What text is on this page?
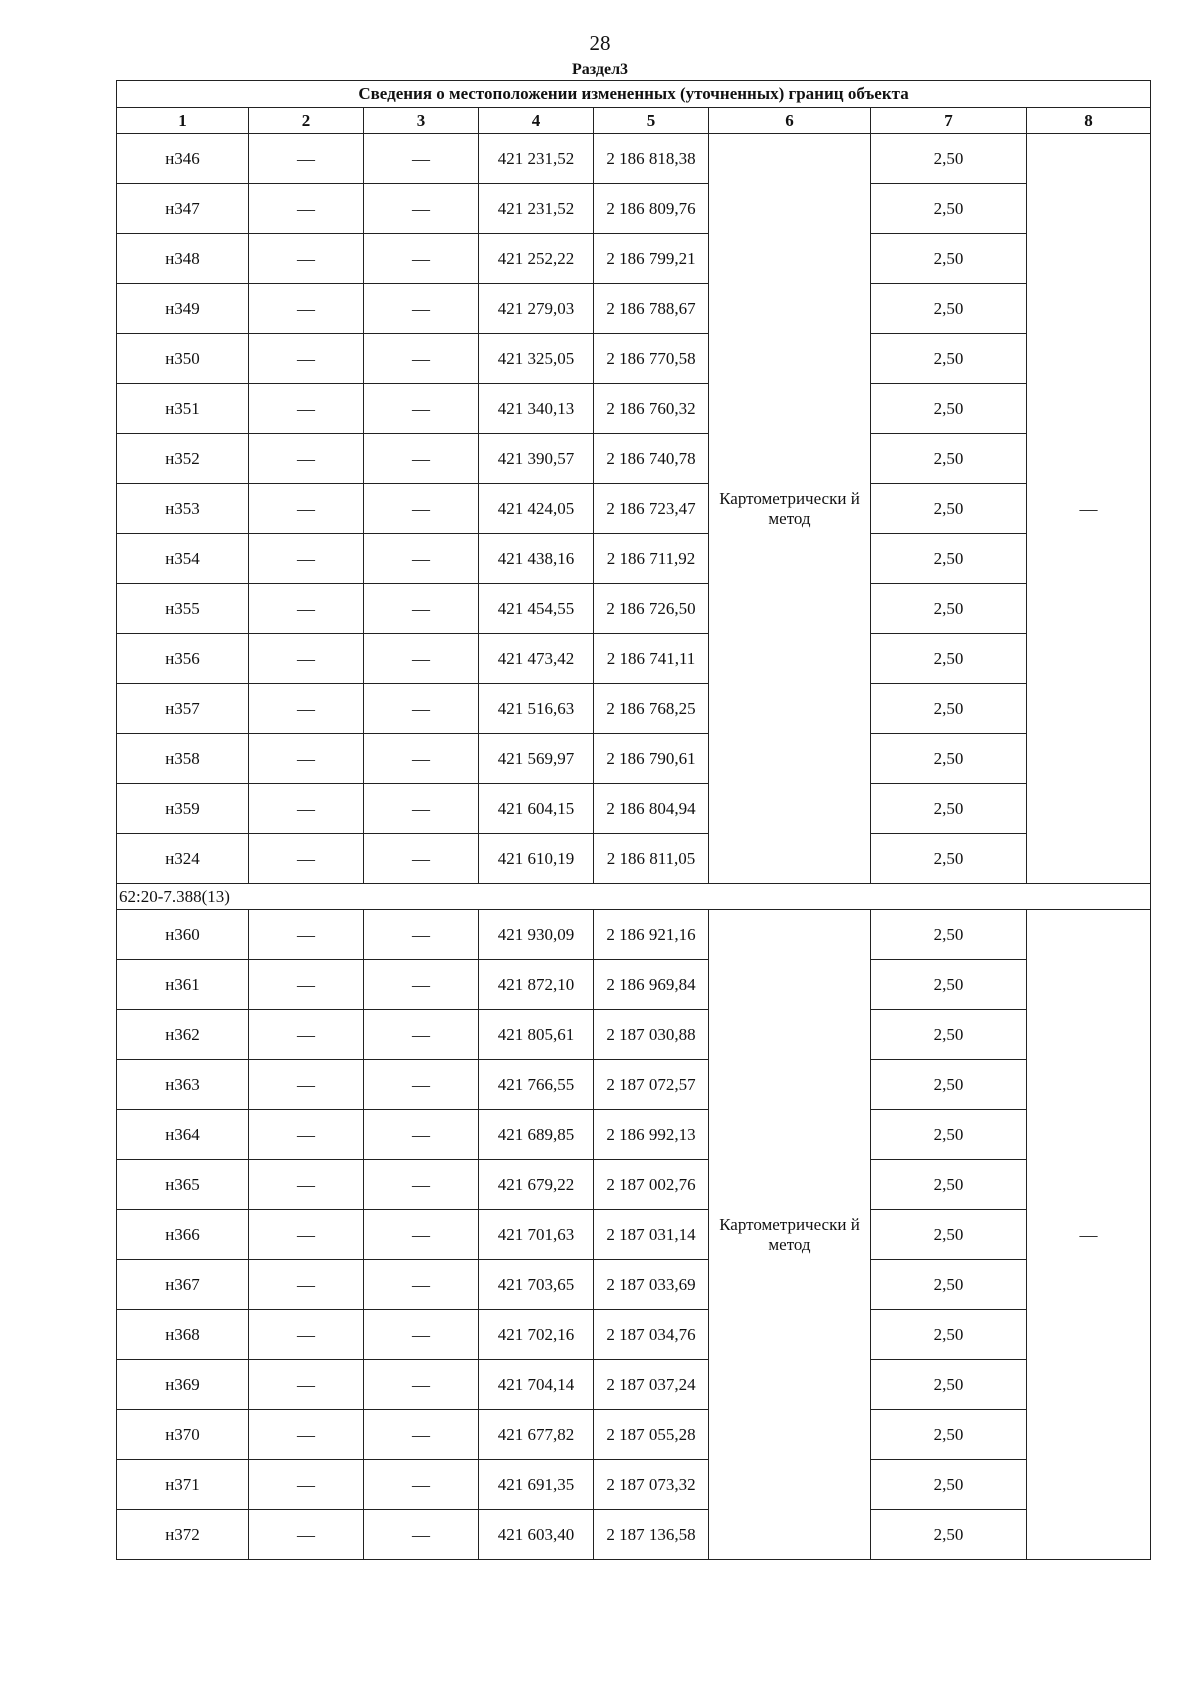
28
Раздел3
Сведения о местоположении измененных (уточненных) границ объекта							
1	2	3	4	5	6	7	8
н346	—	—	421 231,52	2 186 818,38	Картометрически й метод	2,50	—
н347	—	—	421 231,52	2 186 809,76		2,50	
н348	—	—	421 252,22	2 186 799,21		2,50	
н349	—	—	421 279,03	2 186 788,67		2,50	
н350	—	—	421 325,05	2 186 770,58		2,50	
н351	—	—	421 340,13	2 186 760,32		2,50	
н352	—	—	421 390,57	2 186 740,78		2,50	
н353	—	—	421 424,05	2 186 723,47		2,50	
н354	—	—	421 438,16	2 186 711,92		2,50	
н355	—	—	421 454,55	2 186 726,50		2,50	
н356	—	—	421 473,42	2 186 741,11		2,50	
н357	—	—	421 516,63	2 186 768,25		2,50	
н358	—	—	421 569,97	2 186 790,61		2,50	
н359	—	—	421 604,15	2 186 804,94		2,50	
н324	—	—	421 610,19	2 186 811,05		2,50	
62:20-7.388(13)							
н360	—	—	421 930,09	2 186 921,16	Картометрически й метод	2,50	—
н361	—	—	421 872,10	2 186 969,84		2,50	
н362	—	—	421 805,61	2 187 030,88		2,50	
н363	—	—	421 766,55	2 187 072,57		2,50	
н364	—	—	421 689,85	2 186 992,13		2,50	
н365	—	—	421 679,22	2 187 002,76		2,50	
н366	—	—	421 701,63	2 187 031,14		2,50	
н367	—	—	421 703,65	2 187 033,69		2,50	
н368	—	—	421 702,16	2 187 034,76		2,50	
н369	—	—	421 704,14	2 187 037,24		2,50	
н370	—	—	421 677,82	2 187 055,28		2,50	
н371	—	—	421 691,35	2 187 073,32		2,50	
н372	—	—	421 603,40	2 187 136,58		2,50	
